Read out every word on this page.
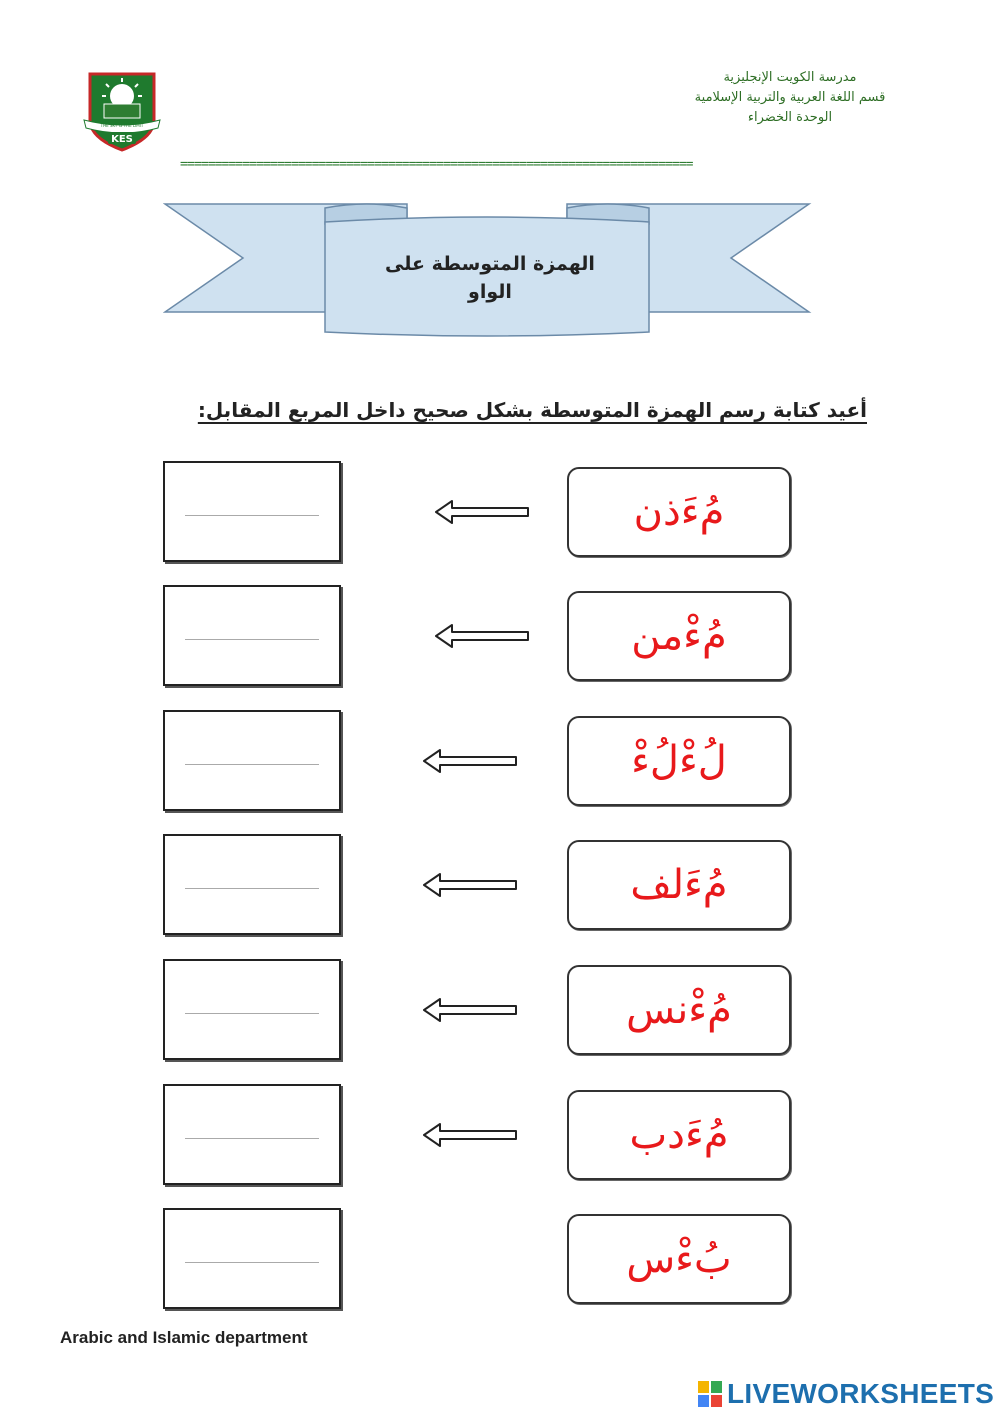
THE SKY IS THE LIMIT
KES
مدرسة الكويت الإنجليزية
قسم اللغة العربية والتربية الإسلامية
الوحدة الخضراء
==========================================================================
الهمزة المتوسطة على
الواو
أعيد كتابة رسم الهمزة المتوسطة بشكل صحيح داخل المربع المقابل:
مُءَذن
مُءْمن
لُءْلُءْ
مُءَلف
مُءْنس
مُءَدب
بُءْس
Arabic and Islamic department
LIVEWORKSHEETS
